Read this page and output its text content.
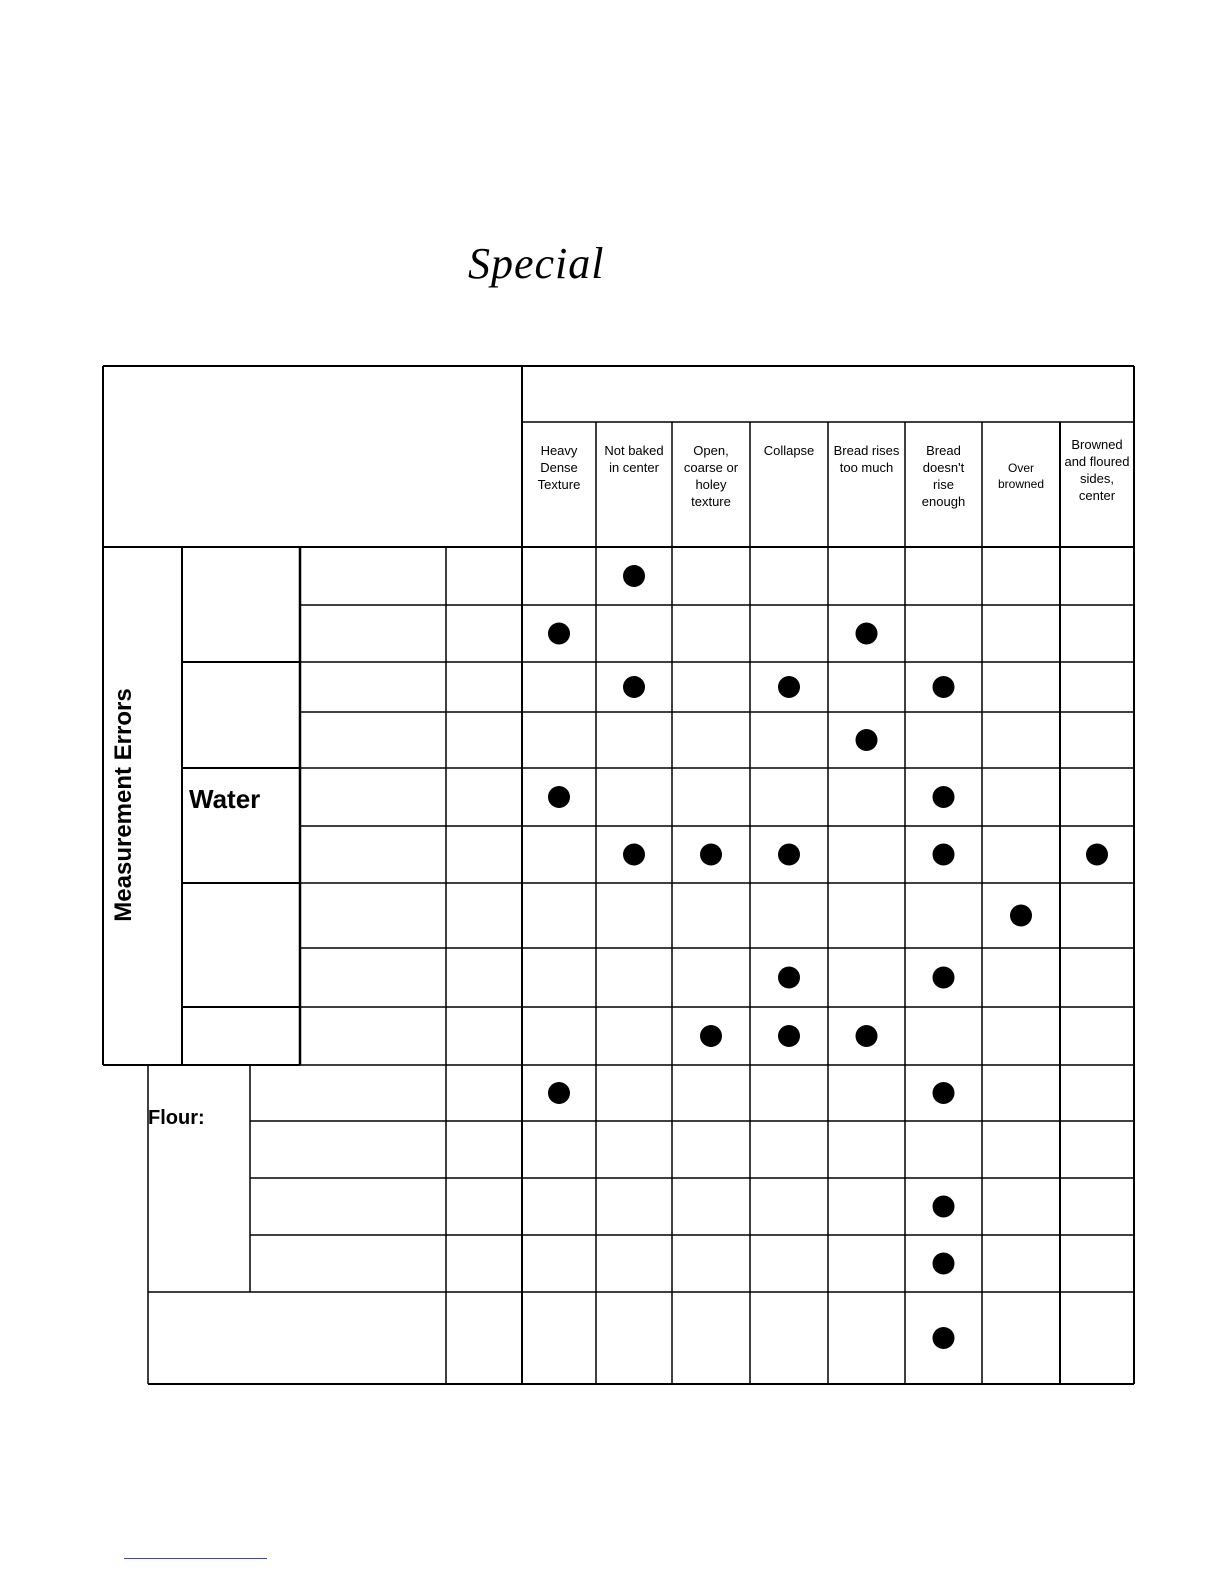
Special
Heavy
Dense
Texture
Not baked
in center
Open,
coarse or
holey
texture
Collapse	Bread rises
too much
Bread
doesn't
rise
enough
Over
browned
Browned
and floured
sides,
center
Measurement Errors Water
Flour:
